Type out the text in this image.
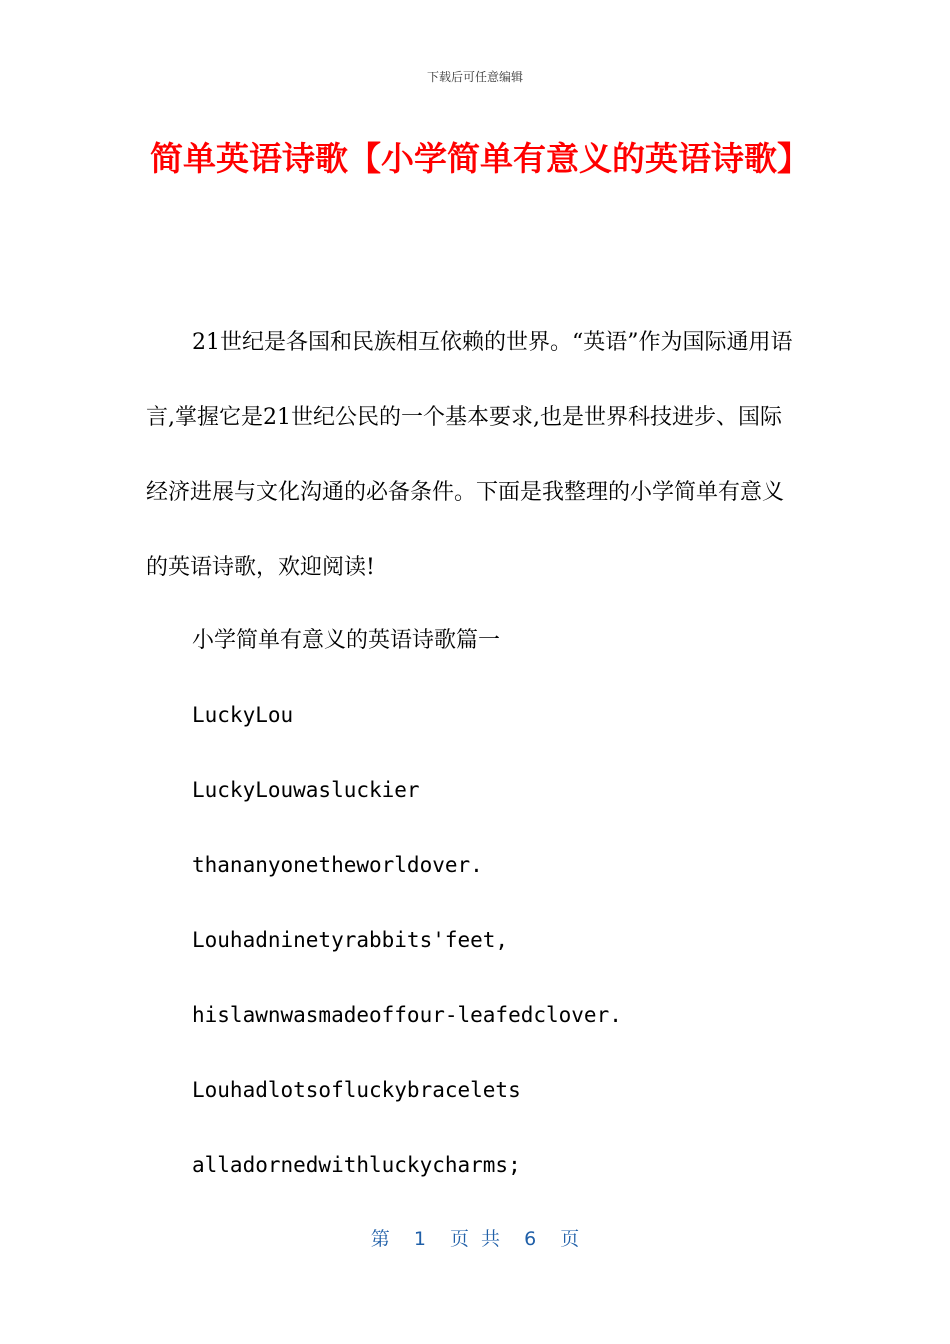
下载后可任意编辑
简单英语诗歌【小学简单有意义的英语诗歌】
21世纪是各国和民族相互依赖的世界。“英语”作为国际通用语言,掌握它是21世纪公民的一个基本要求,也是世界科技进步、国际经济进展与文化沟通的必备条件。下面是我整理的小学简单有意义的英语诗歌，欢迎阅读!
小学简单有意义的英语诗歌篇一
LuckyLou
LuckyLouwasluckier
thananyonetheworldover.
Louhadninetyrabbits'feet,
hislawnwasmadeoffour-leafedclover.
Louhadlotsofluckybracelets
alladornedwithluckycharms;
第 1 页 共 6 页
